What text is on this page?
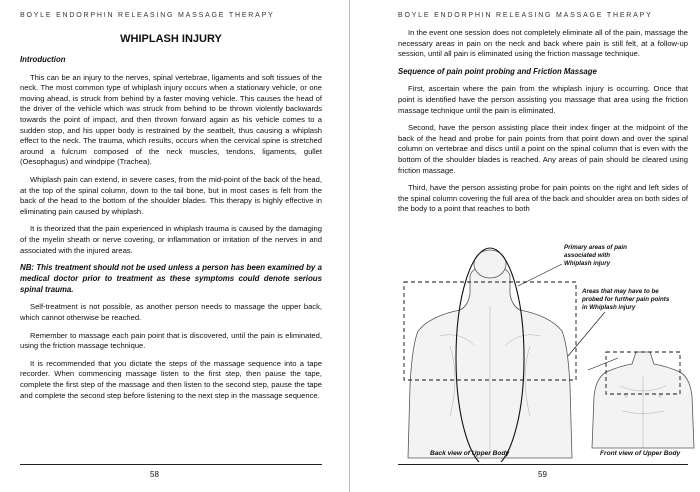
BOYLE ENDORPHIN RELEASING MASSAGE THERAPY
WHIPLASH INJURY
Introduction

This can be an injury to the nerves, spinal vertebrae, ligaments and soft tissues of the neck. The most common type of whiplash injury occurs when a stationary vehicle, or one moving ahead, is struck from behind by a faster moving vehicle. This causes the head of the driver of the vehicle which was struck from behind to be thrown violently backwards towards the point of impact, and then thrown forward again as his vehicle comes to a sudden stop, and his upper body is restrained by the seatbelt, thus causing a whiplash effect to the neck. The trauma, which results, occurs when the cervical spine is stretched around a fulcrum composed of the neck muscles, tendons, ligaments, gullet (Oesophagus) and windpipe (Trachea).

Whiplash pain can extend, in severe cases, from the mid-point of the back of the head, at the top of the spinal column, down to the tail bone, but in most cases is felt from the back of the head to the bottom of the shoulder blades. This therapy is highly effective in eliminating pain caused by whiplash.

It is theorized that the pain experienced in whiplash trauma is caused by the damaging of the myelin sheath or nerve covering, or inflammation or irritation of the nerves in and associated with the injured areas.

NB: This treatment should not be used unless a person has been examined by a medical doctor prior to treatment as these symptoms could denote serious spinal trauma.

Self-treatment is not possible, as another person needs to massage the upper back, which cannot otherwise be reached.

Remember to massage each pain point that is discovered, until the pain is eliminated, using the friction massage technique.

It is recommended that you dictate the steps of the massage sequence into a tape recorder. When commencing massage listen to the first step, then pause the tape, complete the first step of the massage and then listen to the second step, pause the tape and complete the second step before listening to the next step in the massage sequence.

58
BOYLE ENDORPHIN RELEASING MASSAGE THERAPY

In the event one session does not completely eliminate all of the pain, massage the necessary areas in pain on the neck and back where pain is still felt, at a follow-up session, until all pain is eliminated using the friction massage technique.

Sequence of pain point probing and Friction Massage

First, ascertain where the pain from the whiplash injury is occurring. Once that point is identified have the person assisting you massage that area using the friction massage technique until the pain is eliminated.

Second, have the person assisting place their index finger at the midpoint of the back of the head and probe for pain points from that point down and over the spinal column on vertebrae and discs until a point on the spinal column that is even with the bottom of the shoulder blades is reached. Any areas of pain should be cleared using friction massage.

Third, have the person assisting probe for pain points on the right and left sides of the spinal column covering the full area of the back and shoulder area on both sides of the body to a point that reaches to both

Primary areas of pain associated with Whiplash injury
Areas that may have to be probed for further pain points in Whiplash injury
Back view of Upper Body	Front view of Upper Body
59
